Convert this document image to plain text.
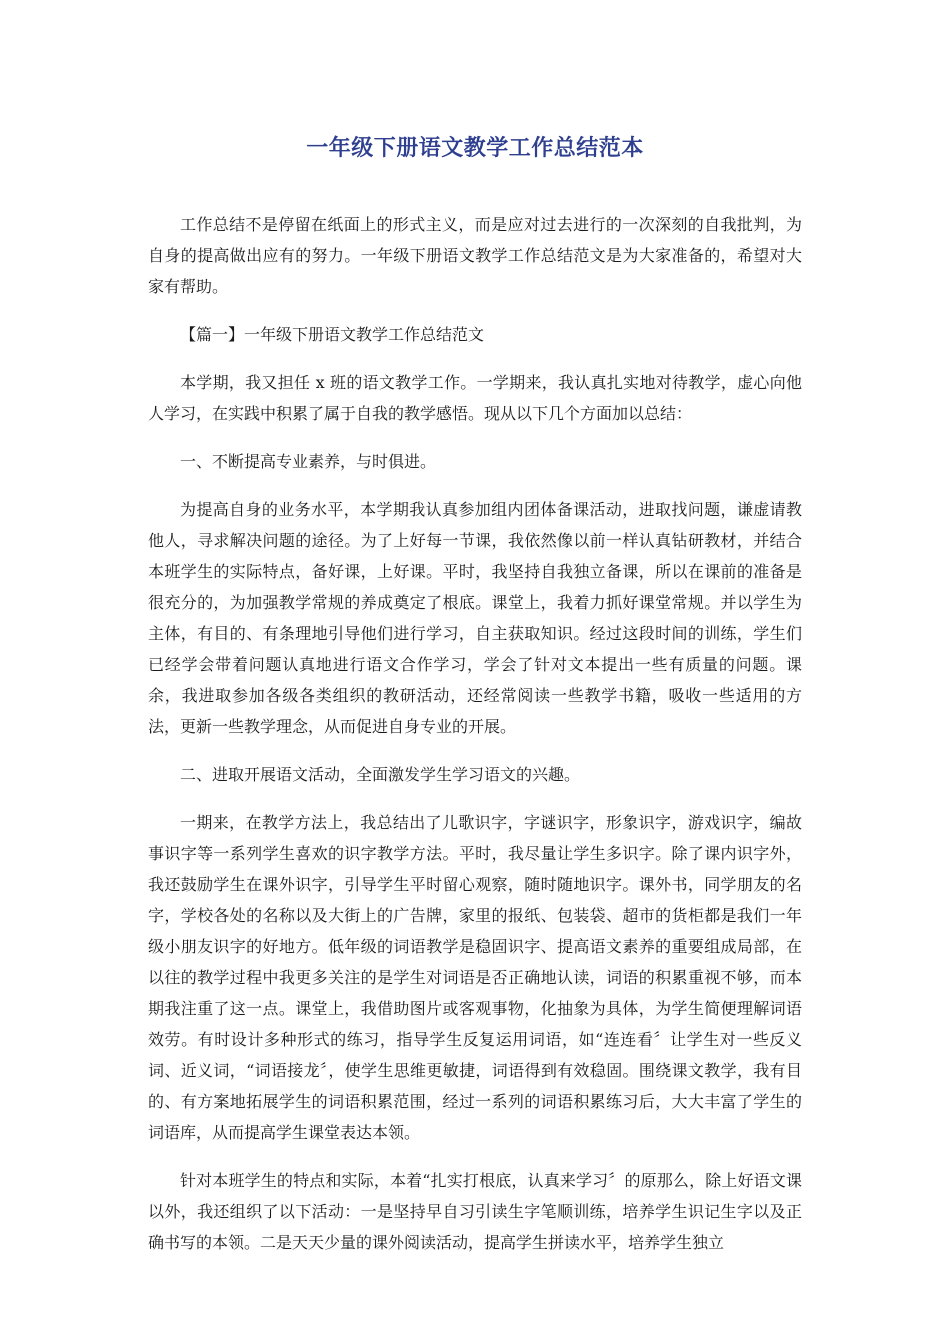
一年级下册语文教学工作总结范本

工作总结不是停留在纸面上的形式主义，而是应对过去进行的一次深刻的自我批判，为自身的提高做出应有的努力。一年级下册语文教学工作总结范文是为大家准备的，希望对大家有帮助。

【篇一】一年级下册语文教学工作总结范文

本学期，我又担任 x 班的语文教学工作。一学期来，我认真扎实地对待教学，虚心向他人学习，在实践中积累了属于自我的教学感悟。现从以下几个方面加以总结：

一、不断提高专业素养，与时俱进。

为提高自身的业务水平，本学期我认真参加组内团体备课活动，进取找问题，谦虚请教他人，寻求解决问题的途径。为了上好每一节课，我依然像以前一样认真钻研教材，并结合本班学生的实际特点，备好课，上好课。平时，我坚持自我独立备课，所以在课前的准备是很充分的，为加强教学常规的养成奠定了根底。课堂上，我着力抓好课堂常规。并以学生为主体，有目的、有条理地引导他们进行学习，自主获取知识。经过这段时间的训练，学生们已经学会带着问题认真地进行语文合作学习，学会了针对文本提出一些有质量的问题。课余，我进取参加各级各类组织的教研活动，还经常阅读一些教学书籍，吸收一些适用的方法，更新一些教学理念，从而促进自身专业的开展。

二、进取开展语文活动，全面激发学生学习语文的兴趣。

一期来，在教学方法上，我总结出了儿歌识字，字谜识字，形象识字，游戏识字，编故事识字等一系列学生喜欢的识字教学方法。平时，我尽量让学生多识字。除了课内识字外，我还鼓励学生在课外识字，引导学生平时留心观察，随时随地识字。课外书，同学朋友的名字，学校各处的名称以及大街上的广告牌，家里的报纸、包装袋、超市的货柜都是我们一年级小朋友识字的好地方。低年级的词语教学是稳固识字、提高语文素养的重要组成局部，在以往的教学过程中我更多关注的是学生对词语是否正确地认读，词语的积累重视不够，而本期我注重了这一点。课堂上，我借助图片或客观事物，化抽象为具体，为学生简便理解词语效劳。有时设计多种形式的练习，指导学生反复运用词语，如“连连看〞让学生对一些反义词、近义词，“词语接龙〞，使学生思维更敏捷，词语得到有效稳固。围绕课文教学，我有目的、有方案地拓展学生的词语积累范围，经过一系列的词语积累练习后，大大丰富了学生的词语库，从而提高学生课堂表达本领。

针对本班学生的特点和实际，本着“扎实打根底，认真来学习〞的原那么，除上好语文课以外，我还组织了以下活动：一是坚持早自习引读生字笔顺训练，培养学生识记生字以及正确书写的本领。二是天天少量的课外阅读活动，提高学生拼读水平，培养学生独立
